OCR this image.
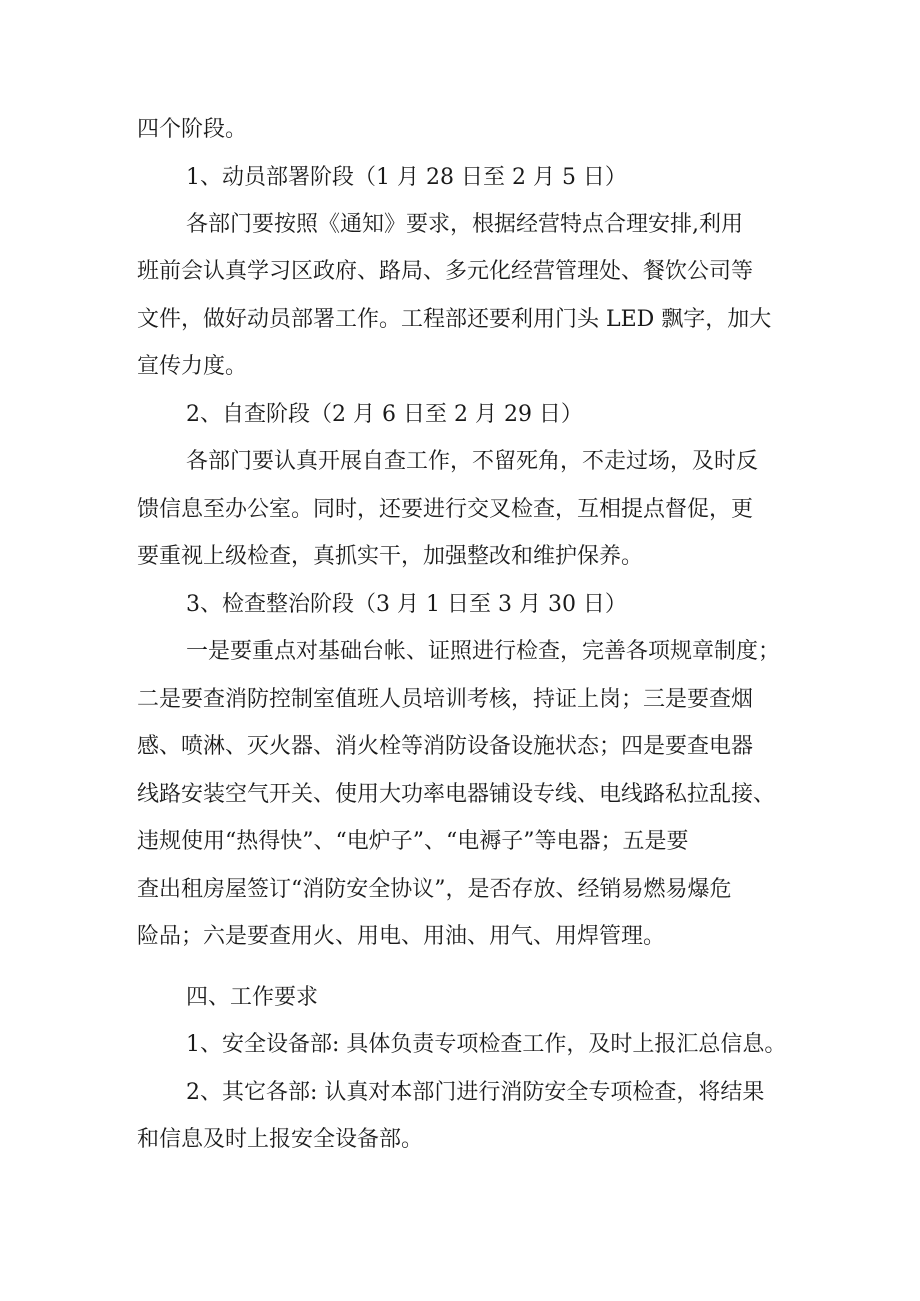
四个阶段。
1、动员部署阶段（1 月 28 日至 2 月 5 日）
各部门要按照《通知》要求，根据经营特点合理安排,利用
班前会认真学习区政府、路局、多元化经营管理处、餐饮公司等
文件，做好动员部署工作。工程部还要利用门头 LED 飘字，加大
宣传力度。
2、自查阶段（2 月 6 日至 2 月 29 日）
各部门要认真开展自查工作，不留死角，不走过场，及时反
馈信息至办公室。同时，还要进行交叉检查，互相提点督促，更
要重视上级检查，真抓实干，加强整改和维护保养。
3、检查整治阶段（3 月 1 日至 3 月 30 日）
一是要重点对基础台帐、证照进行检查，完善各项规章制度；
二是要查消防控制室值班人员培训考核，持证上岗；三是要查烟
感、喷淋、灭火器、消火栓等消防设备设施状态；四是要查电器
线路安装空气开关、使用大功率电器铺设专线、电线路私拉乱接、
违规使用“热得快”、“电炉子”、“电褥子”等电器；五是要
查出租房屋签订“消防安全协议”，是否存放、经销易燃易爆危
险品；六是要查用火、用电、用油、用气、用焊管理。
四、工作要求
1、安全设备部: 具体负责专项检查工作，及时上报汇总信息。
2、其它各部: 认真对本部门进行消防安全专项检查，将结果
和信息及时上报安全设备部。
